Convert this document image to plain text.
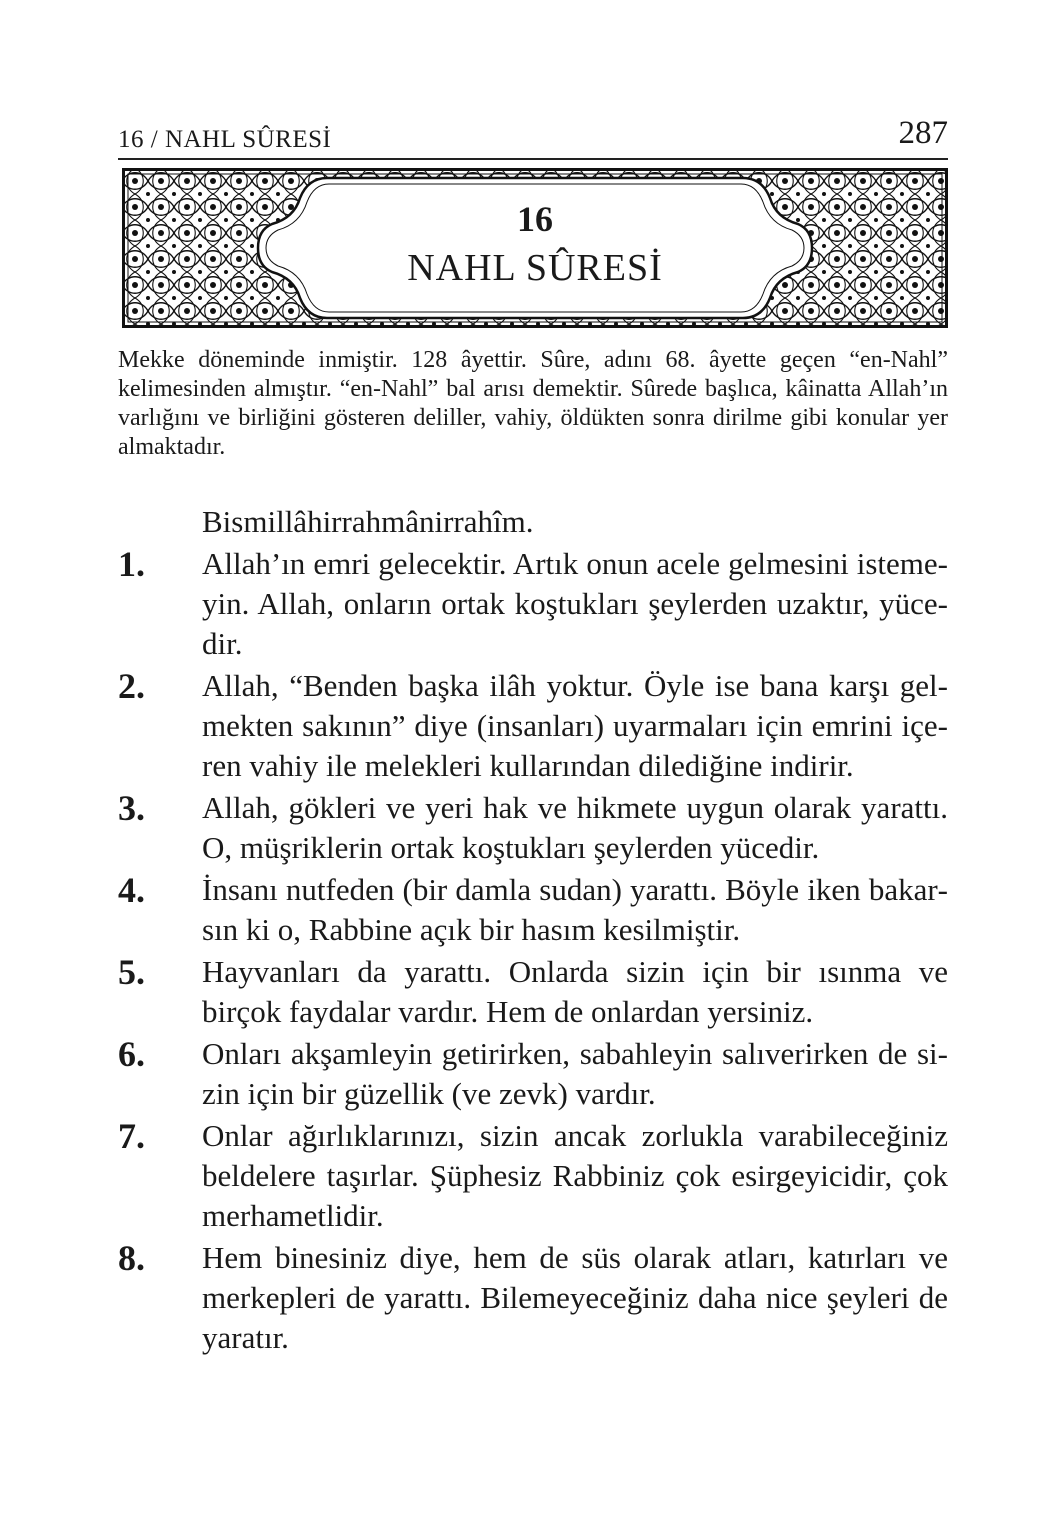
16 / NAHL SÛRESİ	287
16
NAHL SÛRESİ

Mekke döneminde inmiştir. 128 âyettir. Sûre, adını 68. âyette geçen “en-Nahl” kelimesinden almıştır. “en-Nahl” bal arısı demektir. Sûrede başlıca, kâinatta Allah’ın varlığını ve birliğini gösteren deliller, vahiy, öldükten sonra dirilme gibi konular yer almaktadır.

Bismillâhirrahmânirrahîm.
1.	Allah’ın emri gelecektir. Artık onun acele gelmesini istemeyin. Allah, onların ortak koştukları şeylerden uzaktır, yücedir.
2.	Allah, “Benden başka ilâh yoktur. Öyle ise bana karşı gelmekten sakının” diye (insanları) uyarmaları için emrini içeren vahiy ile melekleri kullarından dilediğine indirir.
3.	Allah, gökleri ve yeri hak ve hikmete uygun olarak yarattı. O, müşriklerin ortak koştukları şeylerden yücedir.
4.	İnsanı nutfeden (bir damla sudan) yarattı. Böyle iken bakarsın ki o, Rabbine açık bir hasım kesilmiştir.
5.	Hayvanları da yarattı. Onlarda sizin için bir ısınma ve birçok faydalar vardır. Hem de onlardan yersiniz.
6.	Onları akşamleyin getirirken, sabahleyin salıverirken de sizin için bir güzellik (ve zevk) vardır.
7.	Onlar ağırlıklarınızı, sizin ancak zorlukla varabileceğiniz beldelere taşırlar. Şüphesiz Rabbiniz çok esirgeyicidir, çok merhametlidir.
8.	Hem binesiniz diye, hem de süs olarak atları, katırları ve merkepleri de yarattı. Bilemeyeceğiniz daha nice şeyleri de yaratır.
